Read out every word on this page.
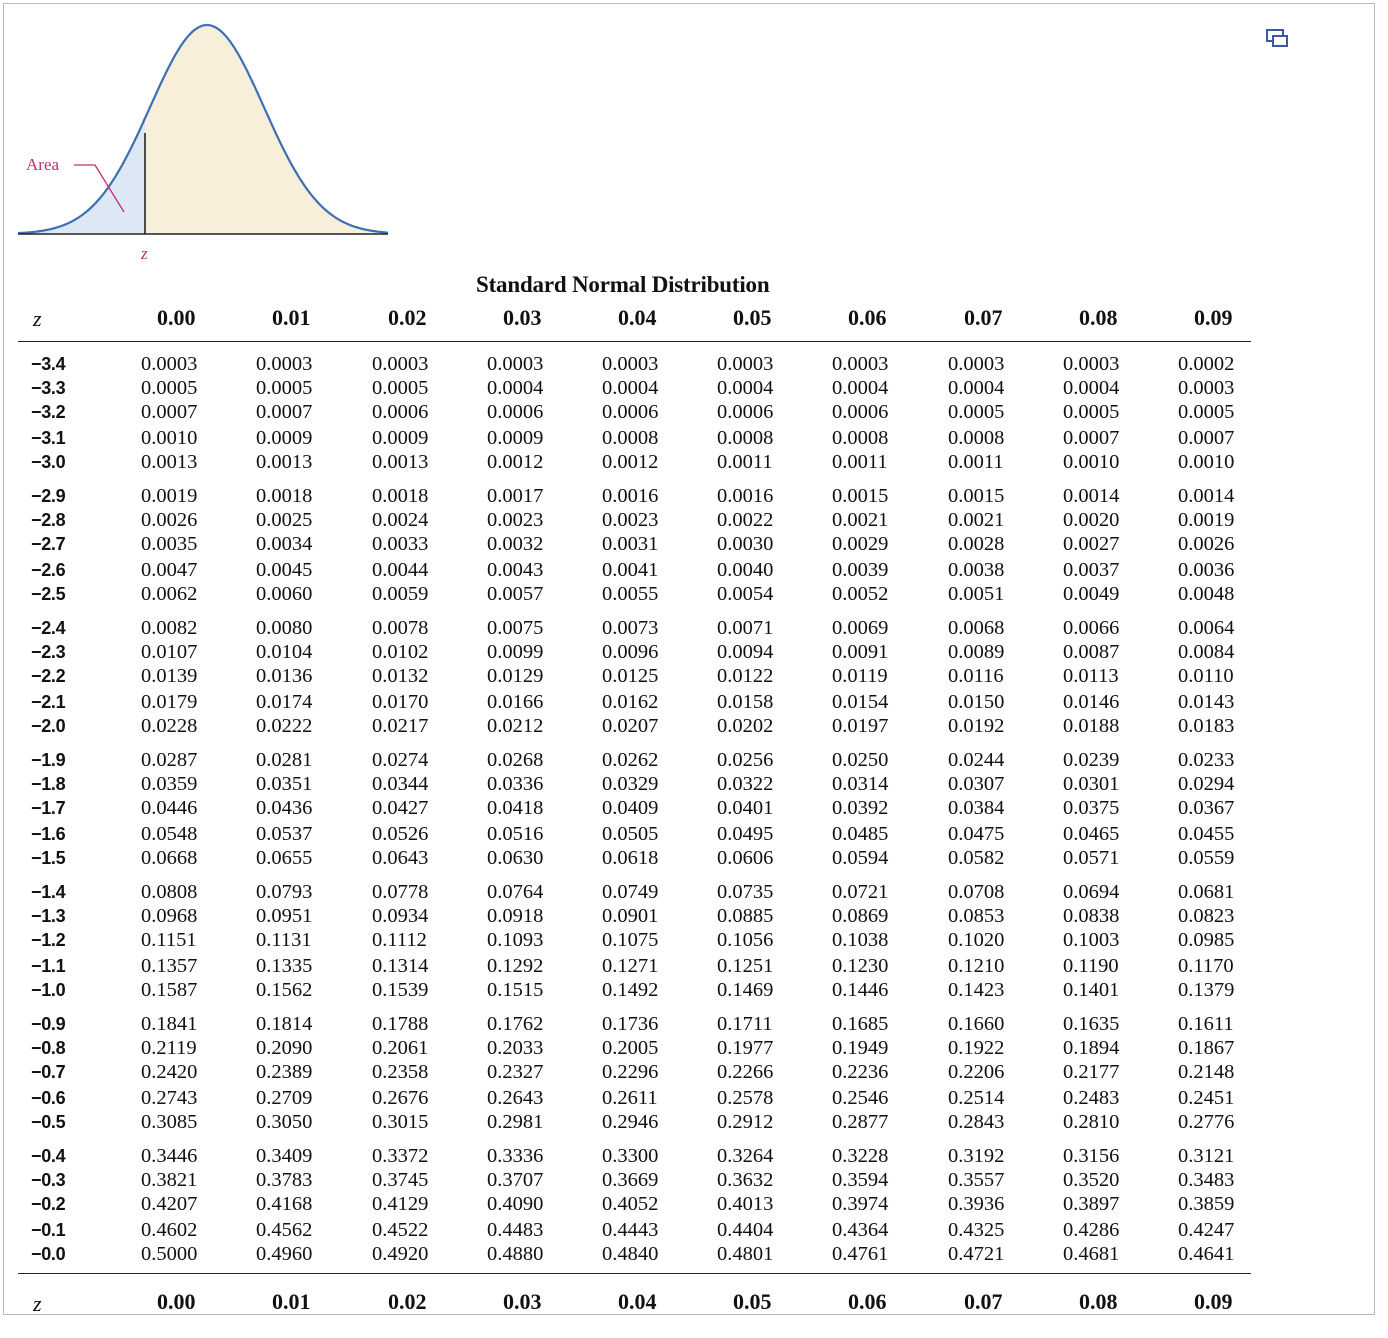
Area
z
Standard Normal Distribution
z	0.00	0.01	0.02	0.03	0.04	0.05	0.06	0.07	0.08	0.09
−3.4	0.0003	0.0003	0.0003	0.0003	0.0003	0.0003	0.0003	0.0003	0.0003	0.0002
−3.3	0.0005	0.0005	0.0005	0.0004	0.0004	0.0004	0.0004	0.0004	0.0004	0.0003
−3.2	0.0007	0.0007	0.0006	0.0006	0.0006	0.0006	0.0006	0.0005	0.0005	0.0005
−3.1	0.0010	0.0009	0.0009	0.0009	0.0008	0.0008	0.0008	0.0008	0.0007	0.0007
−3.0	0.0013	0.0013	0.0013	0.0012	0.0012	0.0011	0.0011	0.0011	0.0010	0.0010
−2.9	0.0019	0.0018	0.0018	0.0017	0.0016	0.0016	0.0015	0.0015	0.0014	0.0014
−2.8	0.0026	0.0025	0.0024	0.0023	0.0023	0.0022	0.0021	0.0021	0.0020	0.0019
−2.7	0.0035	0.0034	0.0033	0.0032	0.0031	0.0030	0.0029	0.0028	0.0027	0.0026
−2.6	0.0047	0.0045	0.0044	0.0043	0.0041	0.0040	0.0039	0.0038	0.0037	0.0036
−2.5	0.0062	0.0060	0.0059	0.0057	0.0055	0.0054	0.0052	0.0051	0.0049	0.0048
−2.4	0.0082	0.0080	0.0078	0.0075	0.0073	0.0071	0.0069	0.0068	0.0066	0.0064
−2.3	0.0107	0.0104	0.0102	0.0099	0.0096	0.0094	0.0091	0.0089	0.0087	0.0084
−2.2	0.0139	0.0136	0.0132	0.0129	0.0125	0.0122	0.0119	0.0116	0.0113	0.0110
−2.1	0.0179	0.0174	0.0170	0.0166	0.0162	0.0158	0.0154	0.0150	0.0146	0.0143
−2.0	0.0228	0.0222	0.0217	0.0212	0.0207	0.0202	0.0197	0.0192	0.0188	0.0183
−1.9	0.0287	0.0281	0.0274	0.0268	0.0262	0.0256	0.0250	0.0244	0.0239	0.0233
−1.8	0.0359	0.0351	0.0344	0.0336	0.0329	0.0322	0.0314	0.0307	0.0301	0.0294
−1.7	0.0446	0.0436	0.0427	0.0418	0.0409	0.0401	0.0392	0.0384	0.0375	0.0367
−1.6	0.0548	0.0537	0.0526	0.0516	0.0505	0.0495	0.0485	0.0475	0.0465	0.0455
−1.5	0.0668	0.0655	0.0643	0.0630	0.0618	0.0606	0.0594	0.0582	0.0571	0.0559
−1.4	0.0808	0.0793	0.0778	0.0764	0.0749	0.0735	0.0721	0.0708	0.0694	0.0681
−1.3	0.0968	0.0951	0.0934	0.0918	0.0901	0.0885	0.0869	0.0853	0.0838	0.0823
−1.2	0.1151	0.1131	0.1112	0.1093	0.1075	0.1056	0.1038	0.1020	0.1003	0.0985
−1.1	0.1357	0.1335	0.1314	0.1292	0.1271	0.1251	0.1230	0.1210	0.1190	0.1170
−1.0	0.1587	0.1562	0.1539	0.1515	0.1492	0.1469	0.1446	0.1423	0.1401	0.1379
−0.9	0.1841	0.1814	0.1788	0.1762	0.1736	0.1711	0.1685	0.1660	0.1635	0.1611
−0.8	0.2119	0.2090	0.2061	0.2033	0.2005	0.1977	0.1949	0.1922	0.1894	0.1867
−0.7	0.2420	0.2389	0.2358	0.2327	0.2296	0.2266	0.2236	0.2206	0.2177	0.2148
−0.6	0.2743	0.2709	0.2676	0.2643	0.2611	0.2578	0.2546	0.2514	0.2483	0.2451
−0.5	0.3085	0.3050	0.3015	0.2981	0.2946	0.2912	0.2877	0.2843	0.2810	0.2776
−0.4	0.3446	0.3409	0.3372	0.3336	0.3300	0.3264	0.3228	0.3192	0.3156	0.3121
−0.3	0.3821	0.3783	0.3745	0.3707	0.3669	0.3632	0.3594	0.3557	0.3520	0.3483
−0.2	0.4207	0.4168	0.4129	0.4090	0.4052	0.4013	0.3974	0.3936	0.3897	0.3859
−0.1	0.4602	0.4562	0.4522	0.4483	0.4443	0.4404	0.4364	0.4325	0.4286	0.4247
−0.0	0.5000	0.4960	0.4920	0.4880	0.4840	0.4801	0.4761	0.4721	0.4681	0.4641
z	0.00	0.01	0.02	0.03	0.04	0.05	0.06	0.07	0.08	0.09
